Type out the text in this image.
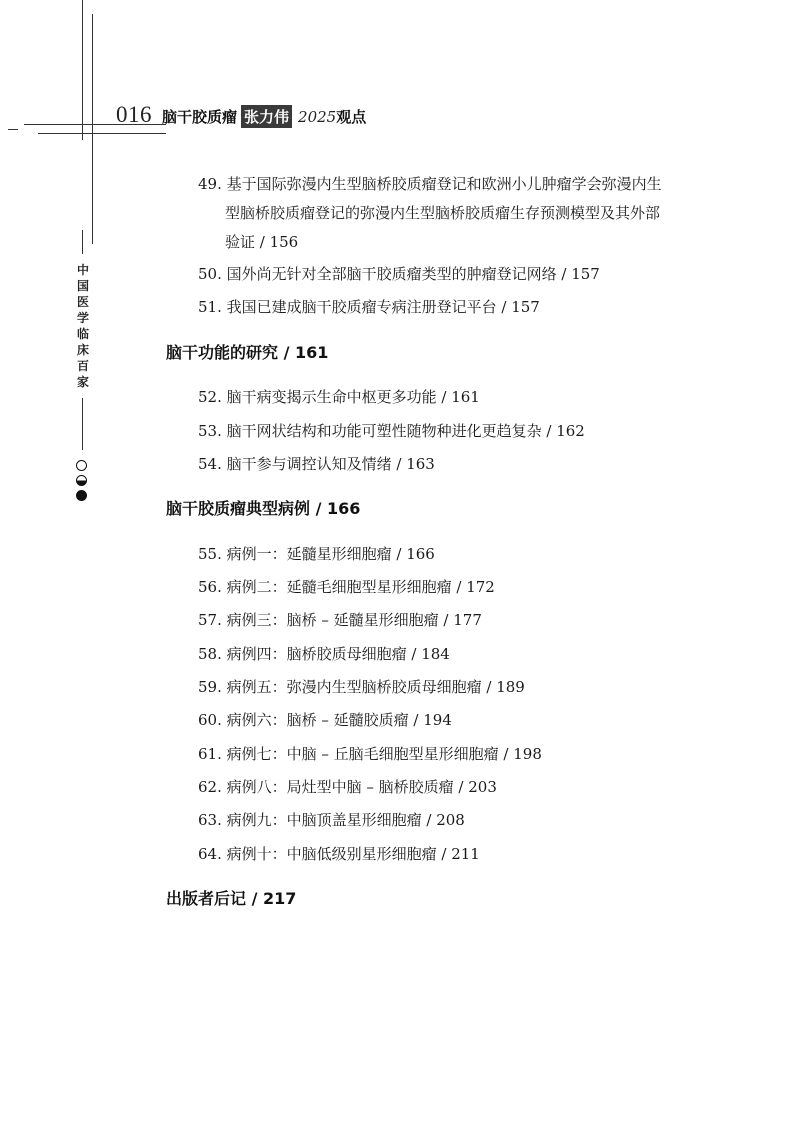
016 脑干胶质瘤 张力伟 2025 观点
中国医学临床百家
49. 基于国际弥漫内生型脑桥胶质瘤登记和欧洲小儿肿瘤学会弥漫内生
型脑桥胶质瘤登记的弥漫内生型脑桥胶质瘤生存预测模型及其外部
验证 / 156
50. 国外尚无针对全部脑干胶质瘤类型的肿瘤登记网络 / 157
51. 我国已建成脑干胶质瘤专病注册登记平台 / 157
脑干功能的研究 / 161
52. 脑干病变揭示生命中枢更多功能 / 161
53. 脑干网状结构和功能可塑性随物种进化更趋复杂 / 162
54. 脑干参与调控认知及情绪 / 163
脑干胶质瘤典型病例 / 166
55. 病例一：延髓星形细胞瘤 / 166
56. 病例二：延髓毛细胞型星形细胞瘤 / 172
57. 病例三：脑桥 – 延髓星形细胞瘤 / 177
58. 病例四：脑桥胶质母细胞瘤 / 184
59. 病例五：弥漫内生型脑桥胶质母细胞瘤 / 189
60. 病例六：脑桥 – 延髓胶质瘤 / 194
61. 病例七：中脑 – 丘脑毛细胞型星形细胞瘤 / 198
62. 病例八：局灶型中脑 – 脑桥胶质瘤 / 203
63. 病例九：中脑顶盖星形细胞瘤 / 208
64. 病例十：中脑低级别星形细胞瘤 / 211
出版者后记 / 217
